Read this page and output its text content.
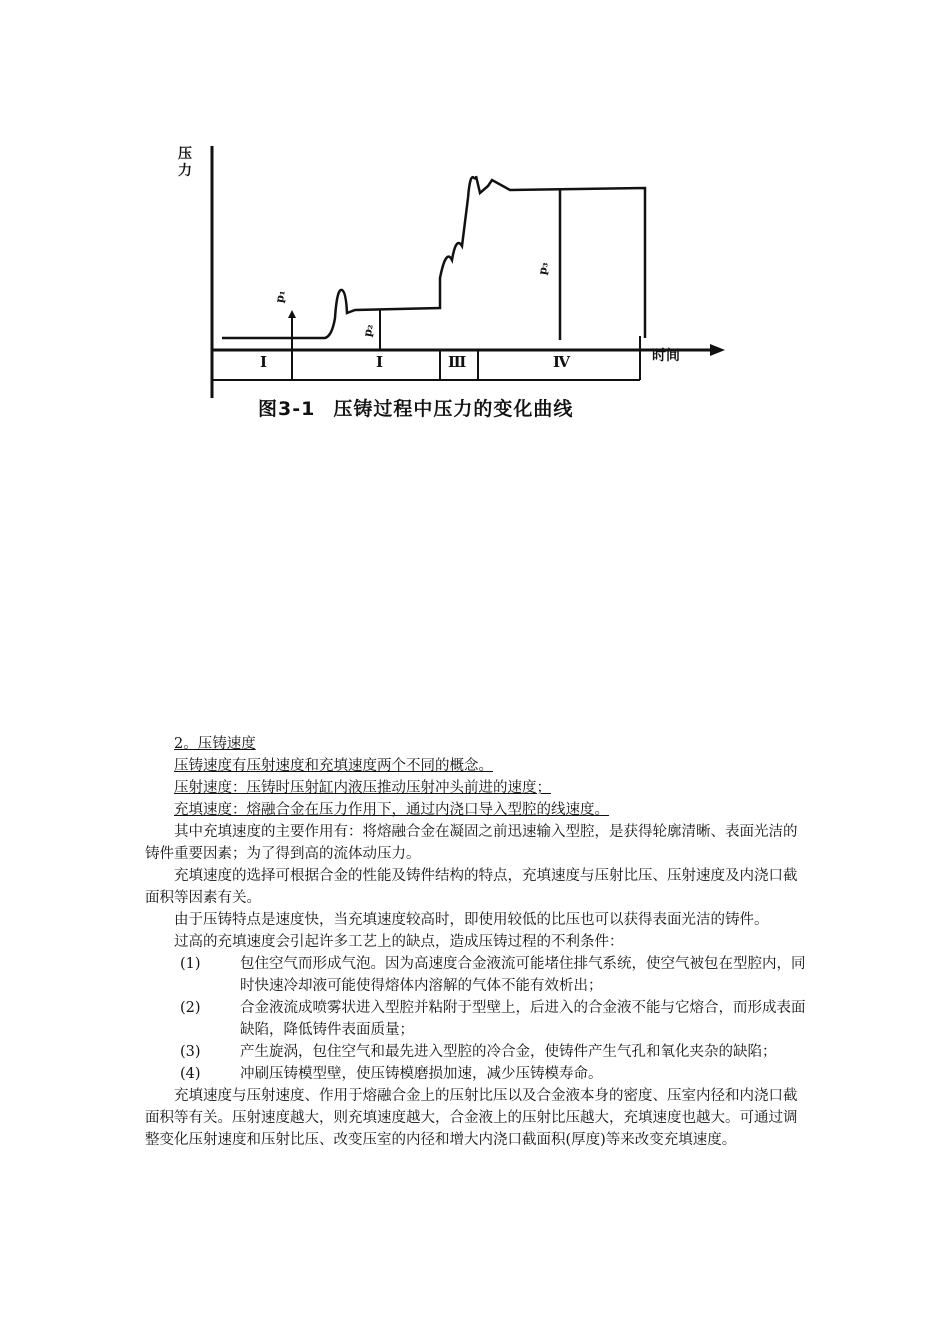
压
力
时间
I	I	Ⅲ	Ⅳ
p₁
p₂
p₃
图3-1 压铸过程中压力的变化曲线

2。压铸速度

压铸速度有压射速度和充填速度两个不同的概念。

压射速度：压铸时压射缸内液压推动压射冲头前进的速度；

充填速度：熔融合金在压力作用下，通过内浇口导入型腔的线速度。

其中充填速度的主要作用有：将熔融合金在凝固之前迅速输入型腔，是获得轮廓清晰、表面光洁的铸件重要因素；为了得到高的流体动压力。

充填速度的选择可根据合金的性能及铸件结构的特点，充填速度与压射比压、压射速度及内浇口截面积等因素有关。

由于压铸特点是速度快，当充填速度较高时，即使用较低的比压也可以获得表面光洁的铸件。

过高的充填速度会引起许多工艺上的缺点，造成压铸过程的不利条件：

(1)	包住空气而形成气泡。因为高速度合金液流可能堵住排气系统，使空气被包在型腔内，同时快速冷却液可能使得熔体内溶解的气体不能有效析出；

(2)	合金液流成喷雾状进入型腔并粘附于型壁上，后进入的合金液不能与它熔合，而形成表面缺陷，降低铸件表面质量；

(3)	产生旋涡，包住空气和最先进入型腔的冷合金，使铸件产生气孔和氧化夹杂的缺陷；

(4)	冲刷压铸模型壁，使压铸模磨损加速，减少压铸模寿命。

充填速度与压射速度、作用于熔融合金上的压射比压以及合金液本身的密度、压室内径和内浇口截面积等有关。压射速度越大，则充填速度越大，合金液上的压射比压越大，充填速度也越大。可通过调整变化压射速度和压射比压、改变压室的内径和增大内浇口截面积(厚度)等来改变充填速度。
